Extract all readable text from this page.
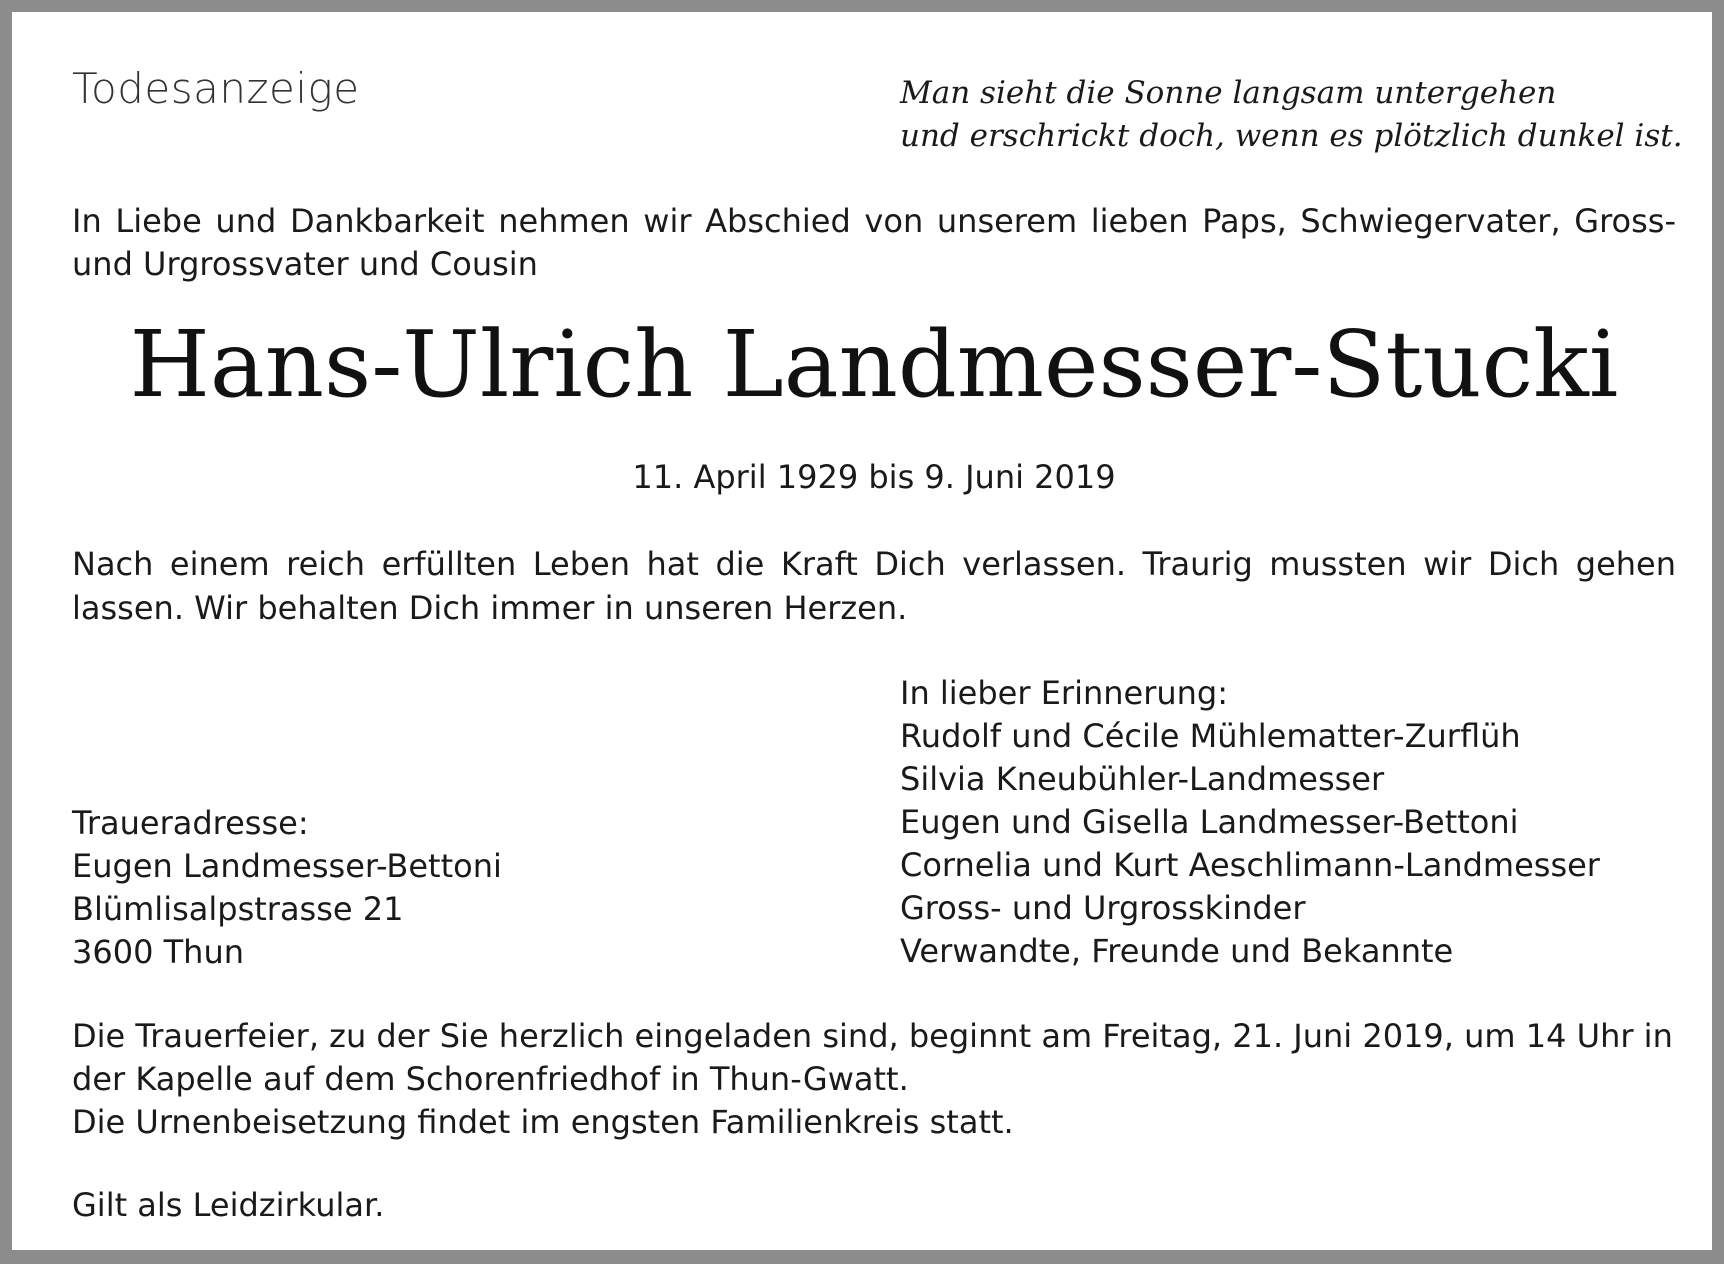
Todesanzeige	Man sieht die Sonne langsam untergehen
und erschrickt doch, wenn es plötzlich dunkel ist.
In Liebe und Dankbarkeit nehmen wir Abschied von unserem lieben Paps, Schwiegervater, Gross- und Urgrossvater und Cousin
Hans-Ulrich Landmesser-Stucki
11. April 1929 bis 9. Juni 2019
Nach einem reich erfüllten Leben hat die Kraft Dich verlassen. Traurig mussten wir Dich gehen lassen. Wir behalten Dich immer in unseren Herzen.
In lieber Erinnerung:
Rudolf und Cécile Mühlematter-Zurflüh
Silvia Kneubühler-Landmesser
Eugen und Gisella Landmesser-Bettoni
Cornelia und Kurt Aeschlimann-Landmesser
Gross- und Urgrosskinder
Verwandte, Freunde und Bekannte
Traueradresse:
Eugen Landmesser-Bettoni
Blümlisalpstrasse 21
3600 Thun

Die Trauerfeier, zu der Sie herzlich eingeladen sind, beginnt am Freitag, 21. Juni 2019, um 14 Uhr in der Kapelle auf dem Schorenfriedhof in Thun-Gwatt.

Die Urnenbeisetzung findet im engsten Familienkreis statt.

Gilt als Leidzirkular.
